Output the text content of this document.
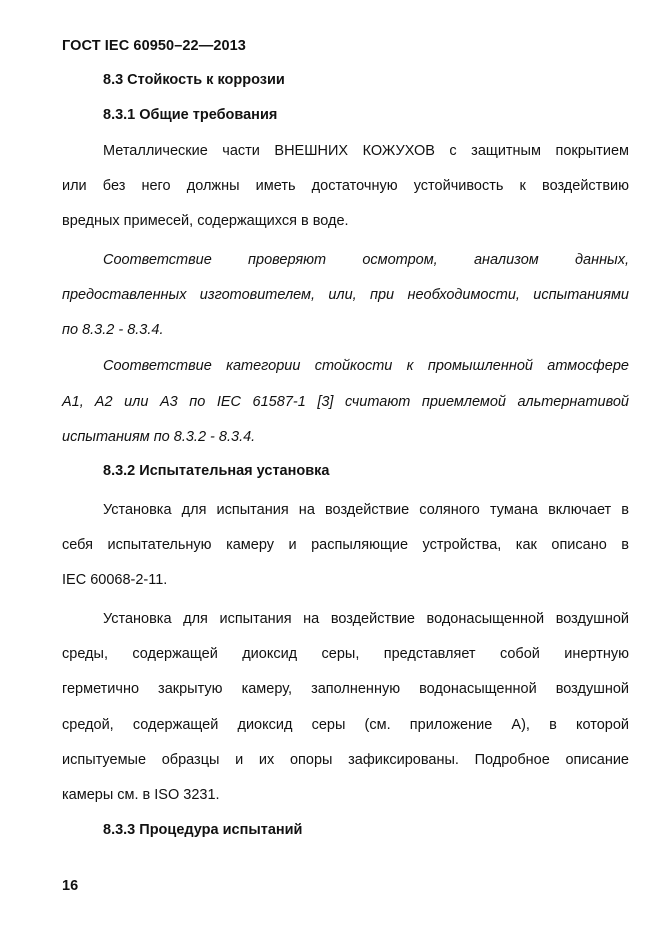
ГОСТ IEC 60950–22—2013
8.3 Стойкость к коррозии
8.3.1 Общие требования
Металлические части ВНЕШНИХ КОЖУХОВ с защитным покрытием
или без него должны иметь достаточную устойчивость к воздействию
вредных примесей, содержащихся в воде.
Соответствие проверяют осмотром, анализом данных,
предоставленных изготовителем, или, при необходимости, испытаниями
по 8.3.2 - 8.3.4.
Соответствие категории стойкости к промышленной атмосфере
A1, A2 или A3 по IEC 61587-1 [3] считают приемлемой альтернативой
испытаниям по 8.3.2 - 8.3.4.
8.3.2 Испытательная установка
Установка для испытания на воздействие соляного тумана включает в
себя испытательную камеру и распыляющие устройства, как описано в
IEC 60068-2-11.
Установка для испытания на воздействие водонасыщенной воздушной
среды, содержащей диоксид серы, представляет собой инертную
герметично закрытую камеру, заполненную водонасыщенной воздушной
средой, содержащей диоксид серы (см. приложение А), в которой
испытуемые образцы и их опоры зафиксированы. Подробное описание
камеры см. в ISO 3231.
8.3.3 Процедура испытаний
16
